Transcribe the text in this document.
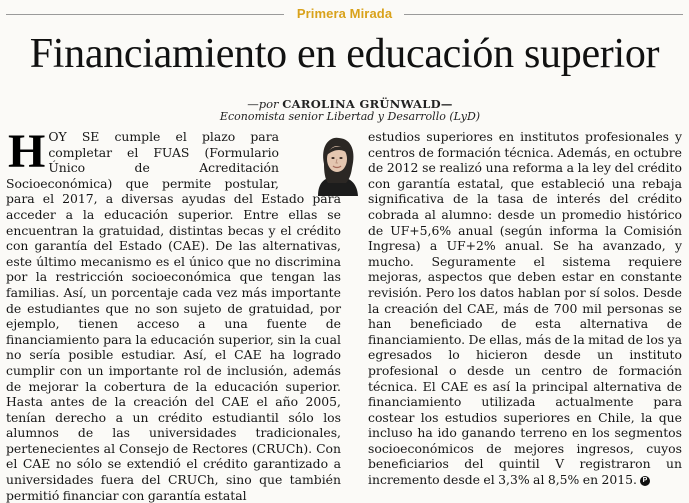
Primera Mirada
Financiamiento en educación superior
—por CAROLINA GRÜNWALD—
Economista senior Libertad y Desarrollo (LyD)
H OY SE cumple el plazo para completar el FUAS (Formulario Único de Acreditación Socioeconómica) que permite postular, para el 2017, a diversas ayudas del Estado para acceder a la educación superior. Entre ellas se encuentran la gratuidad, distintas becas y el crédito con garantía del Estado (CAE). De las alternativas, este último mecanismo es el único que no discrimina por la restricción socioeconómica que tengan las familias. Así, un porcentaje cada vez más importante de estudiantes que no son sujeto de gratuidad, por ejemplo, tienen acceso a una fuente de financiamiento para la educación superior, sin la cual no sería posible estudiar. Así, el CAE ha logrado cumplir con un importante rol de inclusión, además de mejorar la cobertura de la educación superior. Hasta antes de la creación del CAE el año 2005, tenían derecho a un crédito estudiantil sólo los alumnos de las universidades tradicionales, pertenecientes al Consejo de Rectores (CRUCh). Con el CAE no sólo se extendió el crédito garantizado a universidades fuera del CRUCh, sino que también permitió financiar con garantía estatal

estudios superiores en institutos profesionales y centros de formación técnica. Además, en octubre de 2012 se realizó una reforma a la ley del crédito con garantía estatal, que estableció una rebaja significativa de la tasa de interés del crédito cobrada al alumno: desde un promedio histórico de UF+5,6% anual (según informa la Comisión Ingresa) a UF+2% anual. Se ha avanzado, y mucho. Seguramente el sistema requiere mejoras, aspectos que deben estar en constante revisión. Pero los datos hablan por sí solos. Desde la creación del CAE, más de 700 mil personas se han beneficiado de esta alternativa de financiamiento. De ellas, más de la mitad de los ya egresados lo hicieron desde un instituto profesional o desde un centro de formación técnica. El CAE es así la principal alternativa de financiamiento utilizada actualmente para costear los estudios superiores en Chile, la que incluso ha ido ganando terreno en los segmentos socioeconómicos de mejores ingresos, cuyos beneficiarios del quintil V registraron un incremento desde el 3,3% al 8,5% en 2015. P
